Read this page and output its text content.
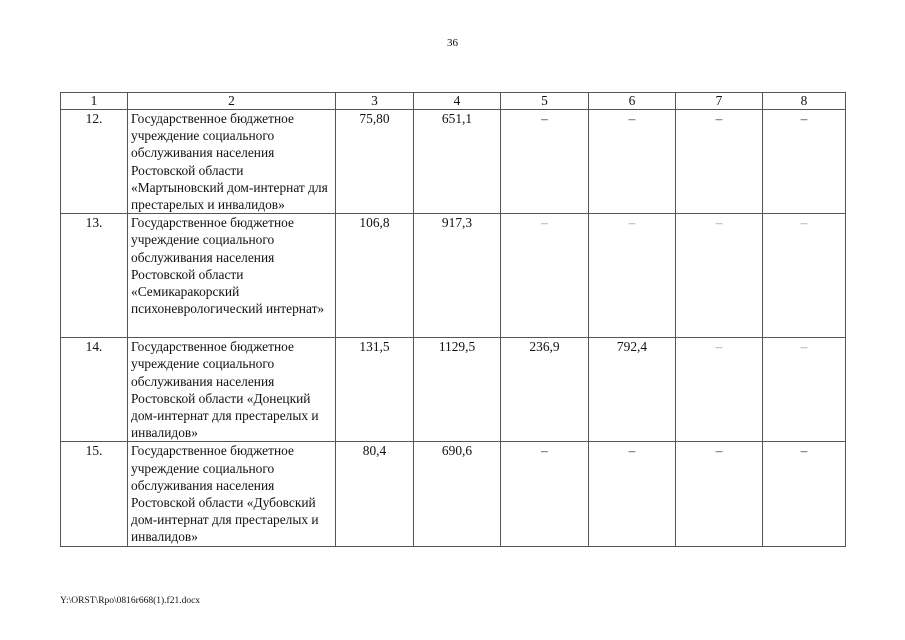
36
1	2	3	4	5	6	7	8
12.	Государственное бюджетное учреждение социального обслуживания населения Ростовской области «Мартыновский дом-интернат для престарелых и инвалидов»	75,80	651,1	–	–	–	–
13.	Государственное бюджетное учреждение социального обслуживания населения Ростовской области «Семикаракорский психоневрологический интернат»	106,8	917,3	–	–	–	–
14.	Государственное бюджетное учреждение социального обслуживания населения Ростовской области «Донецкий дом-интернат для престарелых и инвалидов»	131,5	1129,5	236,9	792,4	–	–
15.	Государственное бюджетное учреждение социального обслуживания населения Ростовской области «Дубовский дом-интернат для престарелых и инвалидов»	80,4	690,6	–	–	–	–
Y:\ORST\Rpo\0816r668(1).f21.docx
